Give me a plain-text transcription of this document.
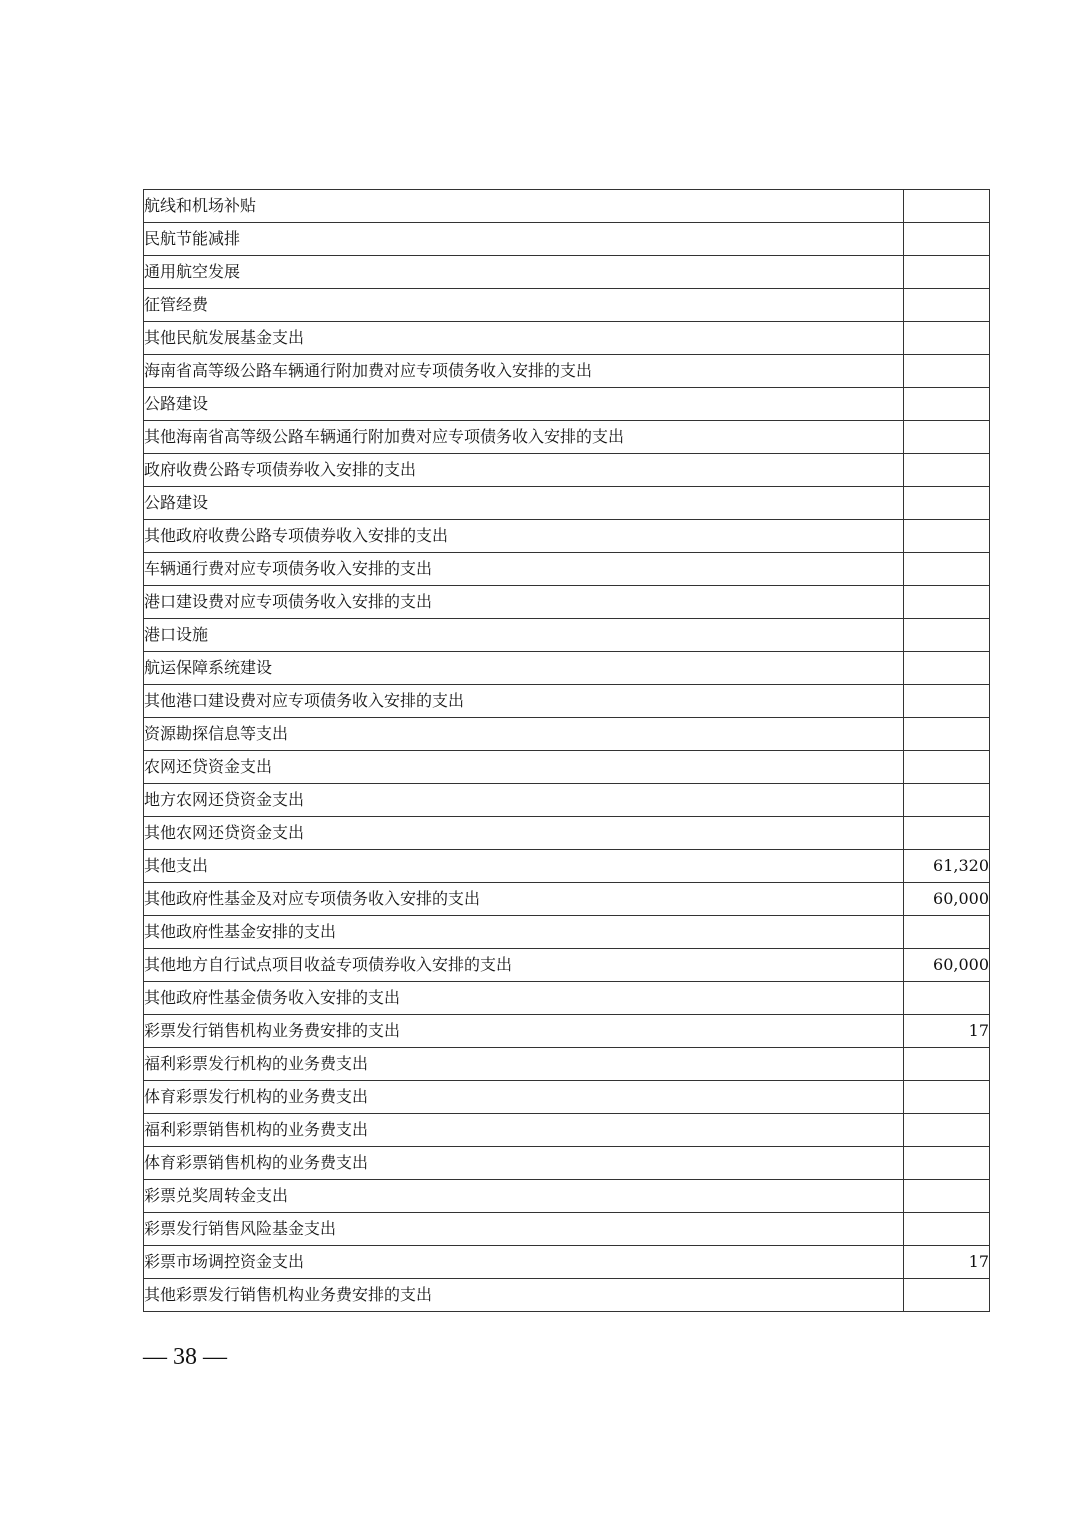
航线和机场补贴	
民航节能减排	
通用航空发展	
征管经费	
其他民航发展基金支出	
海南省高等级公路车辆通行附加费对应专项债务收入安排的支出	
公路建设	
其他海南省高等级公路车辆通行附加费对应专项债务收入安排的支出	
政府收费公路专项债券收入安排的支出	
公路建设	
其他政府收费公路专项债券收入安排的支出	
车辆通行费对应专项债务收入安排的支出	
港口建设费对应专项债务收入安排的支出	
港口设施	
航运保障系统建设	
其他港口建设费对应专项债务收入安排的支出	
资源勘探信息等支出	
农网还贷资金支出	
地方农网还贷资金支出	
其他农网还贷资金支出	
其他支出	61,320
其他政府性基金及对应专项债务收入安排的支出	60,000
其他政府性基金安排的支出	
其他地方自行试点项目收益专项债券收入安排的支出	60,000
其他政府性基金债务收入安排的支出	
彩票发行销售机构业务费安排的支出	17
福利彩票发行机构的业务费支出	
体育彩票发行机构的业务费支出	
福利彩票销售机构的业务费支出	
体育彩票销售机构的业务费支出	
彩票兑奖周转金支出	
彩票发行销售风险基金支出	
彩票市场调控资金支出	17
其他彩票发行销售机构业务费安排的支出	
— 38 —
